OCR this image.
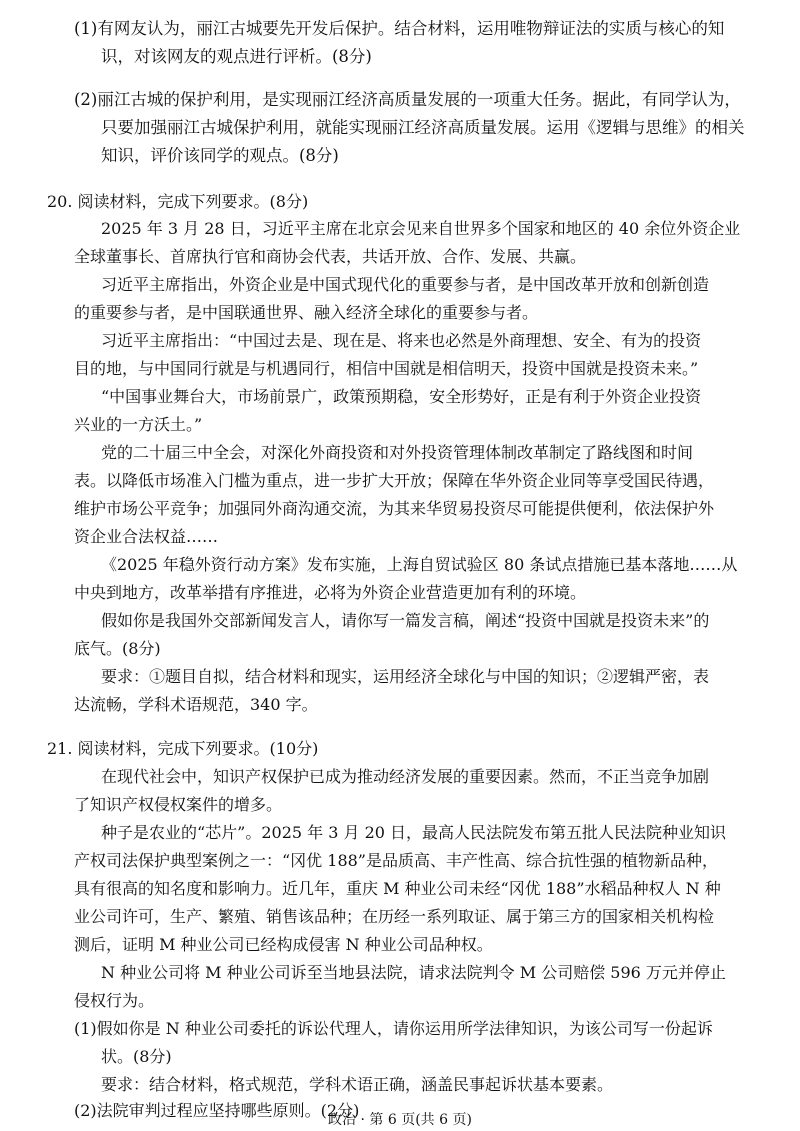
(1)有网友认为，丽江古城要先开发后保护。结合材料，运用唯物辩证法的实质与核心的知
识，对该网友的观点进行评析。(8分)
(2)丽江古城的保护利用，是实现丽江经济高质量发展的一项重大任务。据此，有同学认为，
只要加强丽江古城保护利用，就能实现丽江经济高质量发展。运用《逻辑与思维》的相关
知识，评价该同学的观点。(8分)
20. 阅读材料，完成下列要求。(8分)
2025 年 3 月 28 日，习近平主席在北京会见来自世界多个国家和地区的 40 余位外资企业
全球董事长、首席执行官和商协会代表，共话开放、合作、发展、共赢。
习近平主席指出，外资企业是中国式现代化的重要参与者，是中国改革开放和创新创造
的重要参与者，是中国联通世界、融入经济全球化的重要参与者。
习近平主席指出：“中国过去是、现在是、将来也必然是外商理想、安全、有为的投资
目的地，与中国同行就是与机遇同行，相信中国就是相信明天，投资中国就是投资未来。”
“中国事业舞台大，市场前景广，政策预期稳，安全形势好，正是有利于外资企业投资
兴业的一方沃土。”
党的二十届三中全会，对深化外商投资和对外投资管理体制改革制定了路线图和时间
表。以降低市场准入门槛为重点，进一步扩大开放；保障在华外资企业同等享受国民待遇，
维护市场公平竞争；加强同外商沟通交流，为其来华贸易投资尽可能提供便利，依法保护外
资企业合法权益……
《2025 年稳外资行动方案》发布实施，上海自贸试验区 80 条试点措施已基本落地……从
中央到地方，改革举措有序推进，必将为外资企业营造更加有利的环境。
假如你是我国外交部新闻发言人，请你写一篇发言稿，阐述“投资中国就是投资未来”的
底气。(8分)
要求：①题目自拟，结合材料和现实，运用经济全球化与中国的知识；②逻辑严密，表
达流畅，学科术语规范，340 字。
21. 阅读材料，完成下列要求。(10分)
在现代社会中，知识产权保护已成为推动经济发展的重要因素。然而，不正当竞争加剧
了知识产权侵权案件的增多。
种子是农业的“芯片”。2025 年 3 月 20 日，最高人民法院发布第五批人民法院种业知识
产权司法保护典型案例之一：“冈优 188”是品质高、丰产性高、综合抗性强的植物新品种，
具有很高的知名度和影响力。近几年，重庆 M 种业公司未经“冈优 188”水稻品种权人 N 种
业公司许可，生产、繁殖、销售该品种；在历经一系列取证、属于第三方的国家相关机构检
测后，证明 M 种业公司已经构成侵害 N 种业公司品种权。
N 种业公司将 M 种业公司诉至当地县法院，请求法院判令 M 公司赔偿 596 万元并停止
侵权行为。
(1)假如你是 N 种业公司委托的诉讼代理人，请你运用所学法律知识，为该公司写一份起诉
状。(8分)
要求：结合材料，格式规范，学科术语正确，涵盖民事起诉状基本要素。
(2)法院审判过程应坚持哪些原则。(2分)
政治 · 第 6 页(共 6 页)
